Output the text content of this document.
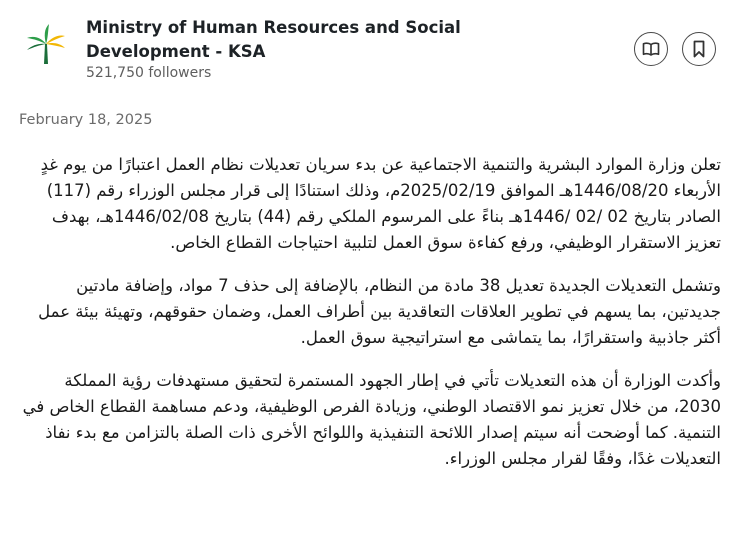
Ministry of Human Resources and Social Development - KSA
521,750 followers
February 18, 2025

تعلن وزارة الموارد البشرية والتنمية الاجتماعية عن بدء سريان تعديلات نظام العمل اعتبارًا من يوم غدٍ الأربعاء 1446/08/20هـ الموافق 2025/02/19م، وذلك استنادًا إلى قرار مجلس الوزراء رقم (117) الصادر بتاريخ 02 /02 /1446هـ بناءً على المرسوم الملكي رقم (44) بتاريخ 1446/02/08هـ، بهدف تعزيز الاستقرار الوظيفي، ورفع كفاءة سوق العمل لتلبية احتياجات القطاع الخاص.

وتشمل التعديلات الجديدة تعديل 38 مادة من النظام، بالإضافة إلى حذف 7 مواد، وإضافة مادتين جديدتين، بما يسهم في تطوير العلاقات التعاقدية بين أطراف العمل، وضمان حقوقهم، وتهيئة بيئة عمل أكثر جاذبية واستقرارًا، بما يتماشى مع استراتيجية سوق العمل.

وأكدت الوزارة أن هذه التعديلات تأتي في إطار الجهود المستمرة لتحقيق مستهدفات رؤية المملكة 2030، من خلال تعزيز نمو الاقتصاد الوطني، وزيادة الفرص الوظيفية، ودعم مساهمة القطاع الخاص في التنمية. كما أوضحت أنه سيتم إصدار اللائحة التنفيذية واللوائح الأخرى ذات الصلة بالتزامن مع بدء نفاذ التعديلات غدًا، وفقًا لقرار مجلس الوزراء.
